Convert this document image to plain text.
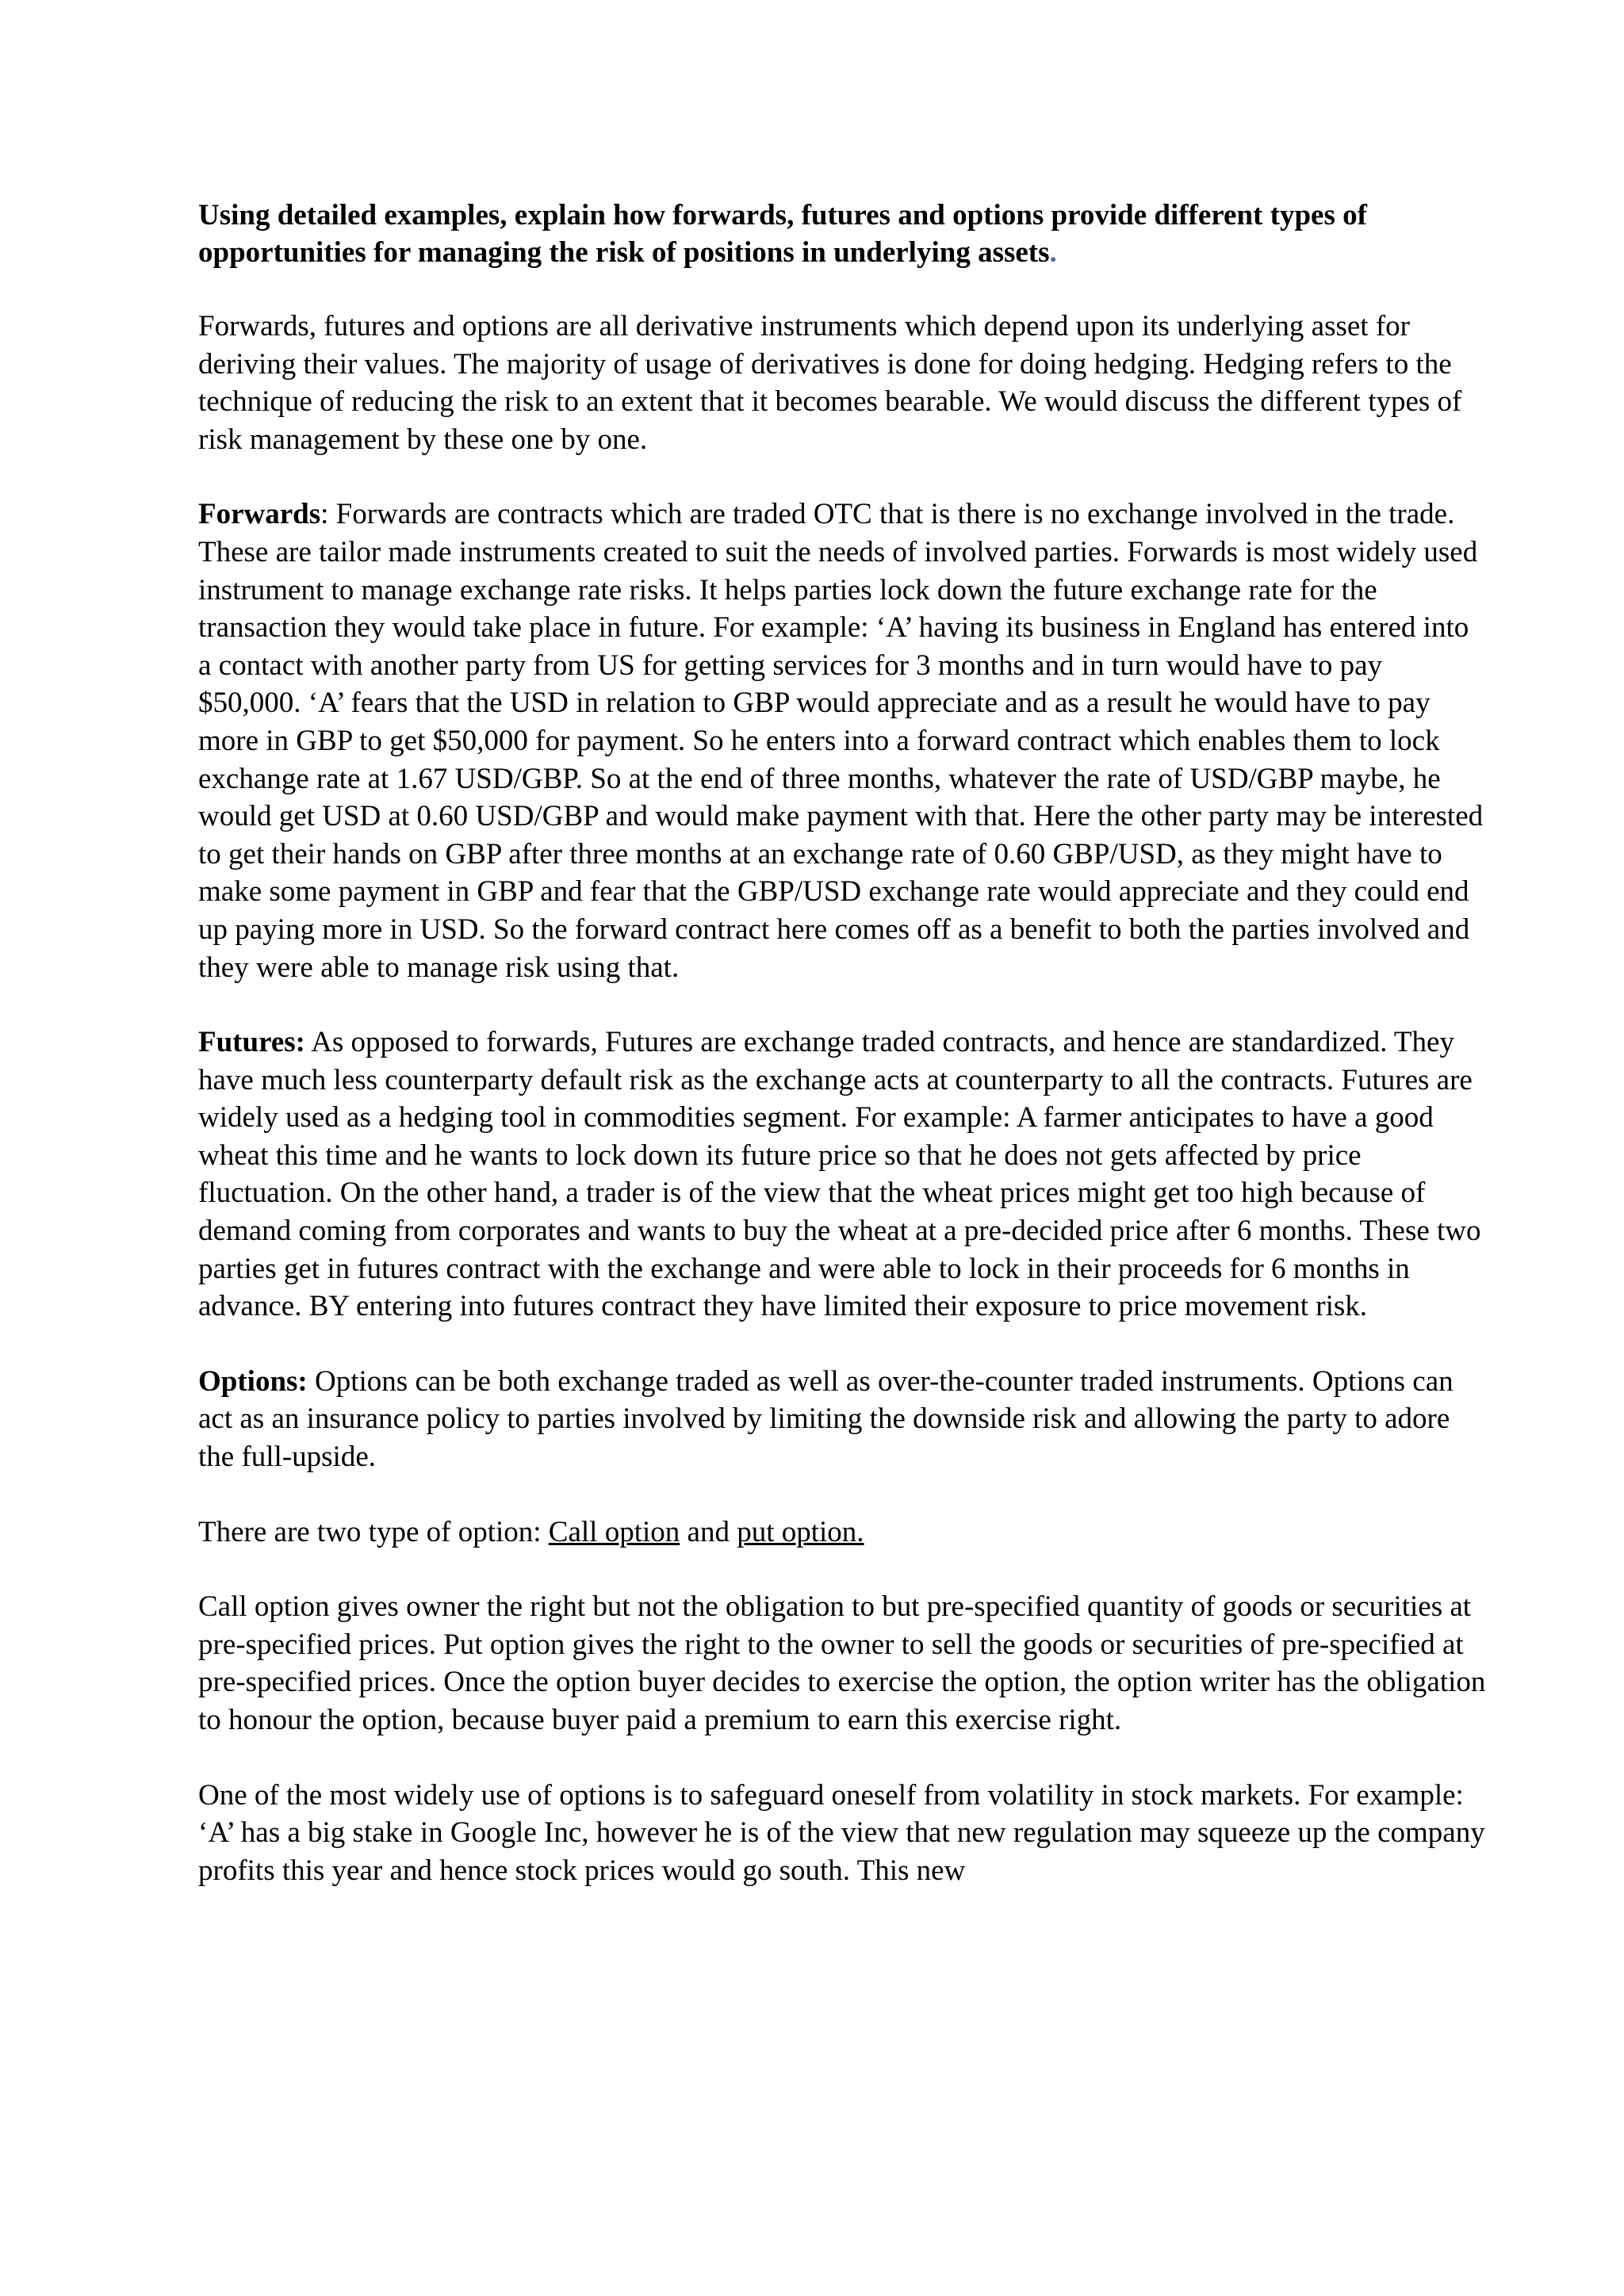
Using detailed examples, explain how forwards, futures and options provide different types of opportunities for managing the risk of positions in underlying assets.

Forwards, futures and options are all derivative instruments which depend upon its underlying asset for deriving their values. The majority of usage of derivatives is done for doing hedging. Hedging refers to the technique of reducing the risk to an extent that it becomes bearable. We would discuss the different types of risk management by these one by one.

Forwards: Forwards are contracts which are traded OTC that is there is no exchange involved in the trade. These are tailor made instruments created to suit the needs of involved parties. Forwards is most widely used instrument to manage exchange rate risks. It helps parties lock down the future exchange rate for the transaction they would take place in future. For example: ‘A’ having its business in England has entered into a contact with another party from US for getting services for 3 months and in turn would have to pay $50,000. ‘A’ fears that the USD in relation to GBP would appreciate and as a result he would have to pay more in GBP to get $50,000 for payment. So he enters into a forward contract which enables them to lock exchange rate at 1.67 USD/GBP. So at the end of three months, whatever the rate of USD/GBP maybe, he would get USD at 0.60 USD/GBP and would make payment with that. Here the other party may be interested to get their hands on GBP after three months at an exchange rate of 0.60 GBP/USD, as they might have to make some payment in GBP and fear that the GBP/USD exchange rate would appreciate and they could end up paying more in USD. So the forward contract here comes off as a benefit to both the parties involved and they were able to manage risk using that.

Futures: As opposed to forwards, Futures are exchange traded contracts, and hence are standardized. They have much less counterparty default risk as the exchange acts at counterparty to all the contracts. Futures are widely used as a hedging tool in commodities segment. For example: A farmer anticipates to have a good wheat this time and he wants to lock down its future price so that he does not gets affected by price fluctuation. On the other hand, a trader is of the view that the wheat prices might get too high because of demand coming from corporates and wants to buy the wheat at a pre-decided price after 6 months. These two parties get in futures contract with the exchange and were able to lock in their proceeds for 6 months in advance. BY entering into futures contract they have limited their exposure to price movement risk.

Options: Options can be both exchange traded as well as over-the-counter traded instruments. Options can act as an insurance policy to parties involved by limiting the downside risk and allowing the party to adore the full-upside.

There are two type of option: Call option and put option.

Call option gives owner the right but not the obligation to but pre-specified quantity of goods or securities at pre-specified prices. Put option gives the right to the owner to sell the goods or securities of pre-specified at pre-specified prices. Once the option buyer decides to exercise the option, the option writer has the obligation to honour the option, because buyer paid a premium to earn this exercise right.

One of the most widely use of options is to safeguard oneself from volatility in stock markets. For example: ‘A’ has a big stake in Google Inc, however he is of the view that new regulation may squeeze up the company profits this year and hence stock prices would go south. This new
